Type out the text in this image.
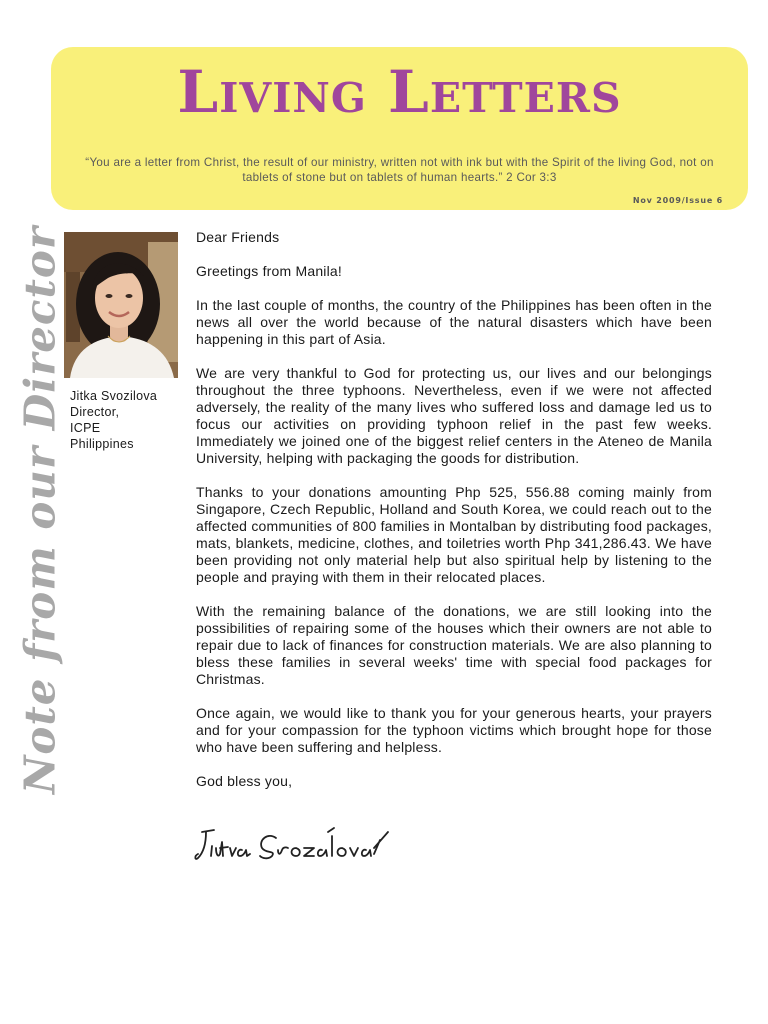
Living Letters
“You are a letter from Christ, the result of our ministry, written not with ink but with the Spirit of the living God, not on tablets of stone but on tablets of human hearts.” 2 Cor 3:3
Nov 2009/Issue 6
Note from our Director Jitka Svozilova
Director,
ICPE
Philippines

Dear Friends

Greetings from Manila!

In the last couple of months, the country of the Philippines has been often in the news all over the world because of the natural disasters which have been happening in this part of Asia.

We are very thankful to God for protecting us, our lives and our belongings throughout the three typhoons. Nevertheless, even if we were not affected adversely, the reality of the many lives who suffered loss and damage led us to focus our activities on providing typhoon relief in the past few weeks. Immediately we joined one of the biggest relief centers in the Ateneo de Manila University, helping with packaging the goods for distribution.

Thanks to your donations amounting Php 525, 556.88 coming mainly from Singapore, Czech Republic, Holland and South Korea, we could reach out to the affected communities of 800 families in Montalban by distributing food packages, mats, blankets, medicine, clothes, and toiletries worth Php 341,286.43. We have been providing not only material help but also spiritual help by listening to the people and praying with them in their relocated places.

With the remaining balance of the donations, we are still looking into the possibilities of repairing some of the houses which their owners are not able to repair due to lack of finances for construction materials. We are also planning to bless these families in several weeks' time with special food packages for Christmas.

Once again, we would like to thank you for your generous hearts, your prayers and for your compassion for the typhoon victims which brought hope for those who have been suffering and helpless.

God bless you,
